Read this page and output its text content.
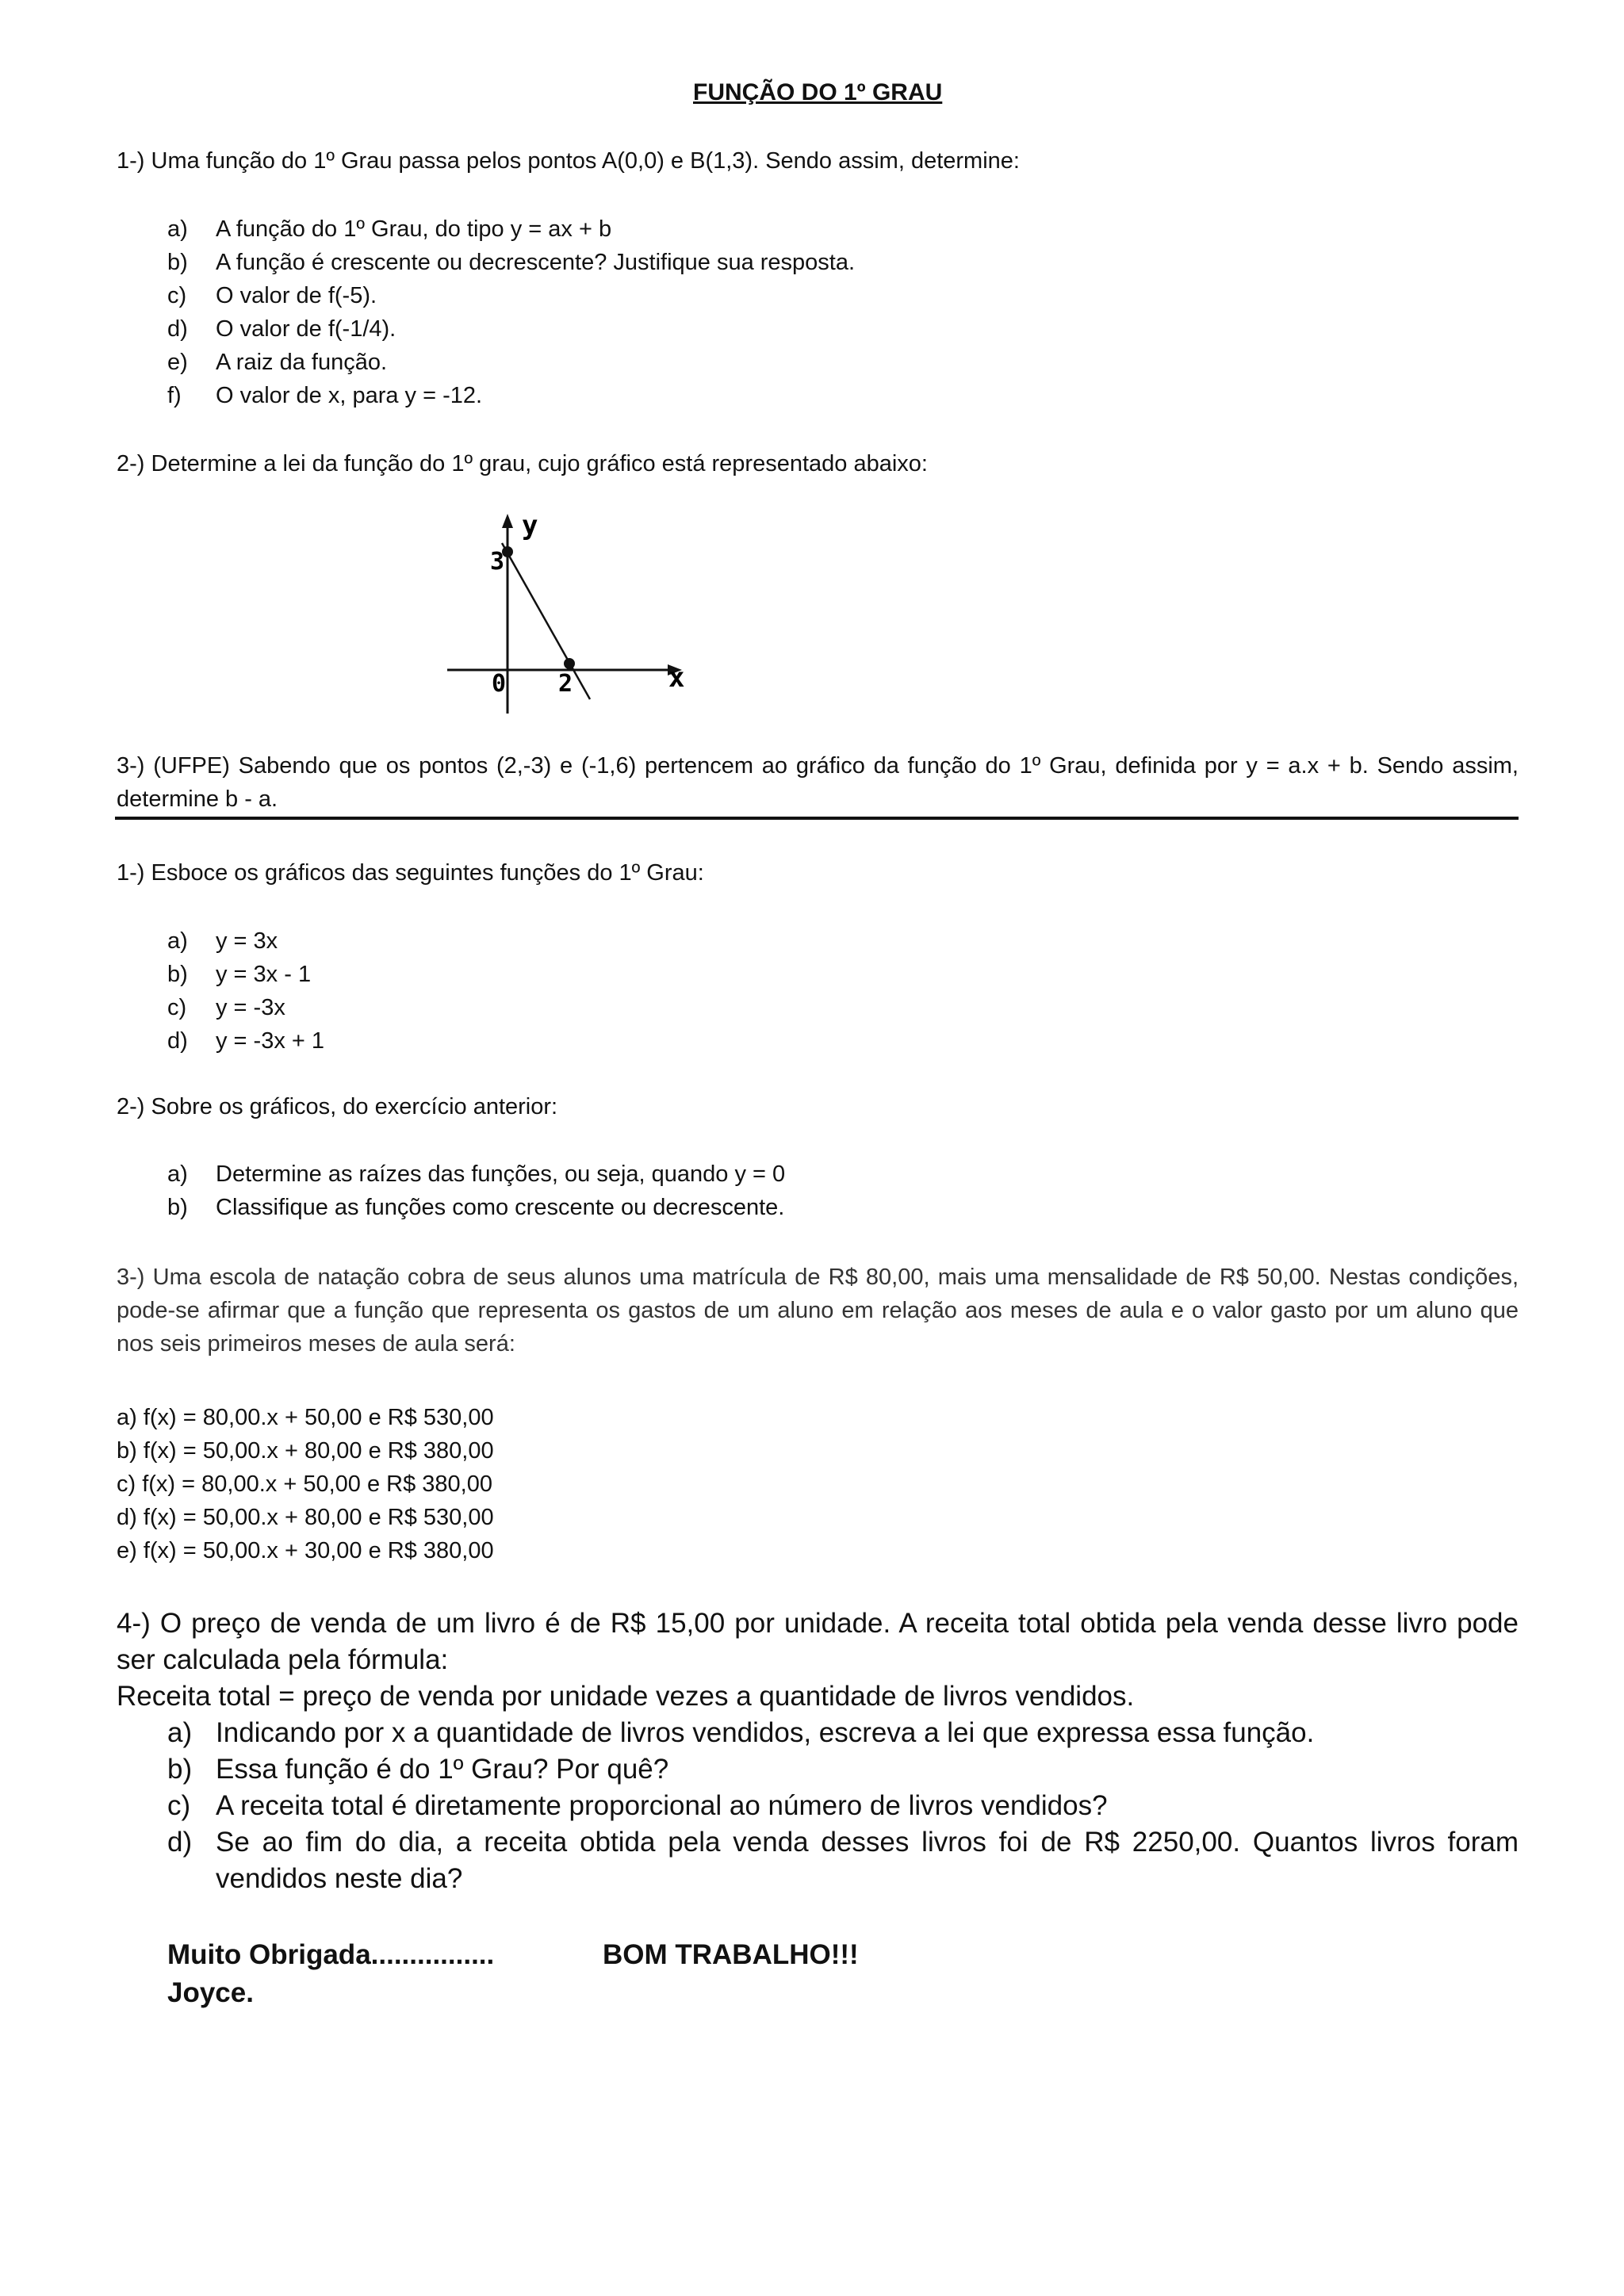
FUNÇÃO DO 1º GRAU
1-) Uma função do 1º Grau passa pelos pontos A(0,0) e B(1,3). Sendo assim, determine:
a) A função do 1º Grau, do tipo y = ax + b
b) A função é crescente ou decrescente? Justifique sua resposta.
c) O valor de f(-5).
d) O valor de f(-1/4).
e) A raiz da função.
f) O valor de x, para y = -12.
2-) Determine a lei da função do 1º grau, cujo gráfico está representado abaixo:
y
x
3
0 2
3-) (UFPE) Sabendo que os pontos (2,-3) e (-1,6) pertencem ao gráfico da função do 1º Grau, definida por y = a.x + b. Sendo assim, determine b - a.
1-) Esboce os gráficos das seguintes funções do 1º Grau:
a) y = 3x
b) y = 3x - 1
c) y = -3x
d) y = -3x + 1
2-) Sobre os gráficos, do exercício anterior:
a) Determine as raízes das funções, ou seja, quando y = 0
b) Classifique as funções como crescente ou decrescente.
3-) Uma escola de natação cobra de seus alunos uma matrícula de R$ 80,00, mais uma mensalidade de R$ 50,00. Nestas condições, pode-se afirmar que a função que representa os gastos de um aluno em relação aos meses de aula e o valor gasto por um aluno que nos seis primeiros meses de aula será:
a) f(x) = 80,00.x + 50,00 e R$ 530,00
b) f(x) = 50,00.x + 80,00 e R$ 380,00
c) f(x) = 80,00.x + 50,00 e R$ 380,00
d) f(x) = 50,00.x + 80,00 e R$ 530,00
e) f(x) = 50,00.x + 30,00 e R$ 380,00
4-) O preço de venda de um livro é de R$ 15,00 por unidade. A receita total obtida pela venda desse livro pode ser calculada pela fórmula:
Receita total = preço de venda por unidade vezes a quantidade de livros vendidos.
a) Indicando por x a quantidade de livros vendidos, escreva a lei que expressa essa função.
b) Essa função é do 1º Grau? Por quê?
c) A receita total é diretamente proporcional ao número de livros vendidos?
d) Se ao fim do dia, a receita obtida pela venda desses livros foi de R$ 2250,00. Quantos livros foram vendidos neste dia?
Muito Obrigada................	BOM TRABALHO!!!
Joyce.
